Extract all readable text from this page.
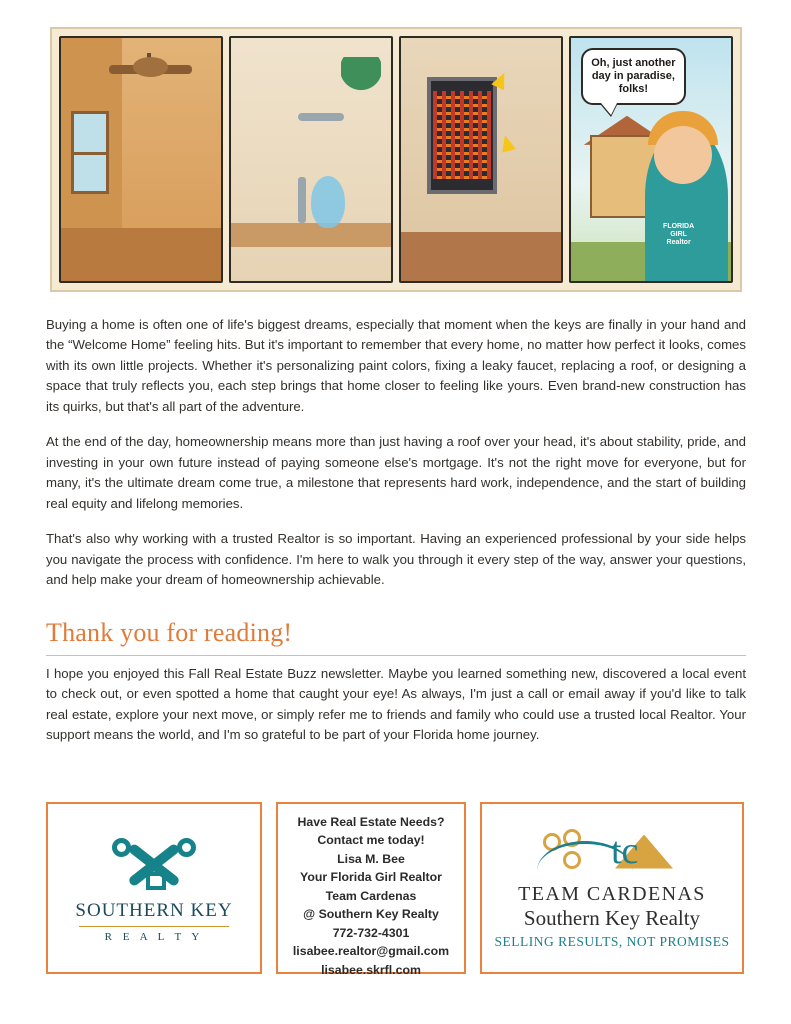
FLORIDA
GIRL
Realtor
Oh, just another day in paradise, folks!

Buying a home is often one of life's biggest dreams, especially that moment when the keys are finally in your hand and the “Welcome Home” feeling hits. But it's important to remember that every home, no matter how perfect it looks, comes with its own little projects. Whether it's personalizing paint colors, fixing a leaky faucet, replacing a roof, or designing a space that truly reflects you, each step brings that home closer to feeling like yours. Even brand-new construction has its quirks, but that's all part of the adventure.

At the end of the day, homeownership means more than just having a roof over your head, it's about stability, pride, and investing in your own future instead of paying someone else's mortgage. It's not the right move for everyone, but for many, it's the ultimate dream come true, a milestone that represents hard work, independence, and the start of building real equity and lifelong memories.

That's also why working with a trusted Realtor is so important. Having an experienced professional by your side helps you navigate the process with confidence. I'm here to walk you through it every step of the way, answer your questions, and help make your dream of homeownership achievable.

Thank you for reading!
I hope you enjoyed this Fall Real Estate Buzz newsletter. Maybe you learned something new, discovered a local event to check out, or even spotted a home that caught your eye! As always, I'm just a call or email away if you'd like to talk real estate, explore your next move, or simply refer me to friends and family who could use a trusted local Realtor. Your support means the world, and I'm so grateful to be part of your Florida home journey.
SOUTHERN KEY
R E A L T Y
Have Real Estate Needs?
Contact me today!
Lisa M. Bee
Your Florida Girl Realtor
Team Cardenas
@ Southern Key Realty
772-732-4301
lisabee.realtor@gmail.com
lisabee.skrfl.com
tc
TEAM CARDENAS
Southern Key Realty
SELLING RESULTS, NOT PROMISES
